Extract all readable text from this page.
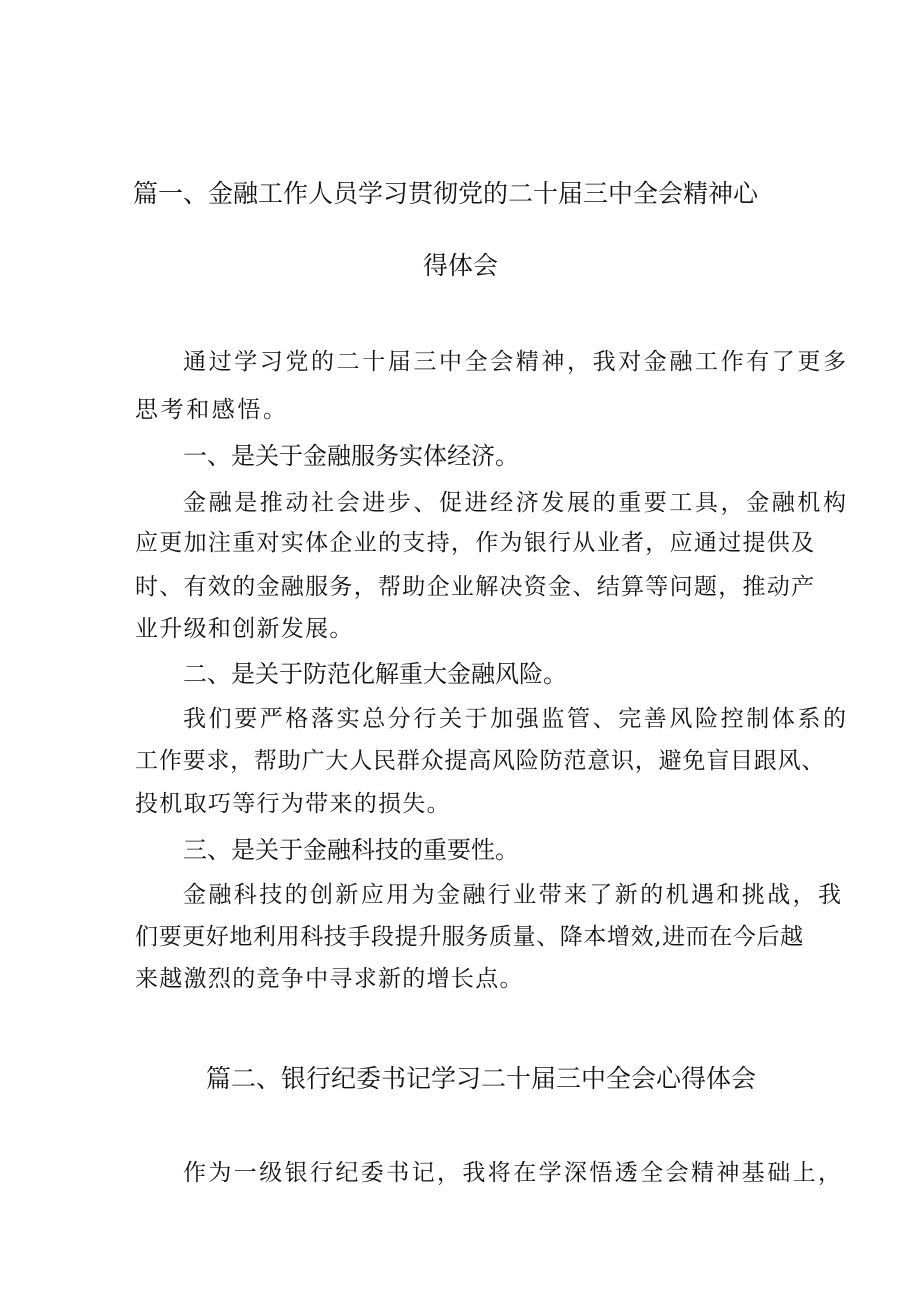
篇一、金融工作人员学习贯彻党的二十届三中全会精神心
得体会
通过学习党的二十届三中全会精神，我对金融工作有了更多
思考和感悟。
一、是关于金融服务实体经济。
金融是推动社会进步、促进经济发展的重要工具，金融机构
应更加注重对实体企业的支持，作为银行从业者，应通过提供及
时、有效的金融服务，帮助企业解决资金、结算等问题，推动产
业升级和创新发展。
二、是关于防范化解重大金融风险。
我们要严格落实总分行关于加强监管、完善风险控制体系的
工作要求，帮助广大人民群众提高风险防范意识，避免盲目跟风、
投机取巧等行为带来的损失。
三、是关于金融科技的重要性。
金融科技的创新应用为金融行业带来了新的机遇和挑战，我
们要更好地利用科技手段提升服务质量、降本增效,进而在今后越
来越激烈的竞争中寻求新的增长点。
篇二、银行纪委书记学习二十届三中全会心得体会
作为一级银行纪委书记，我将在学深悟透全会精神基础上，
